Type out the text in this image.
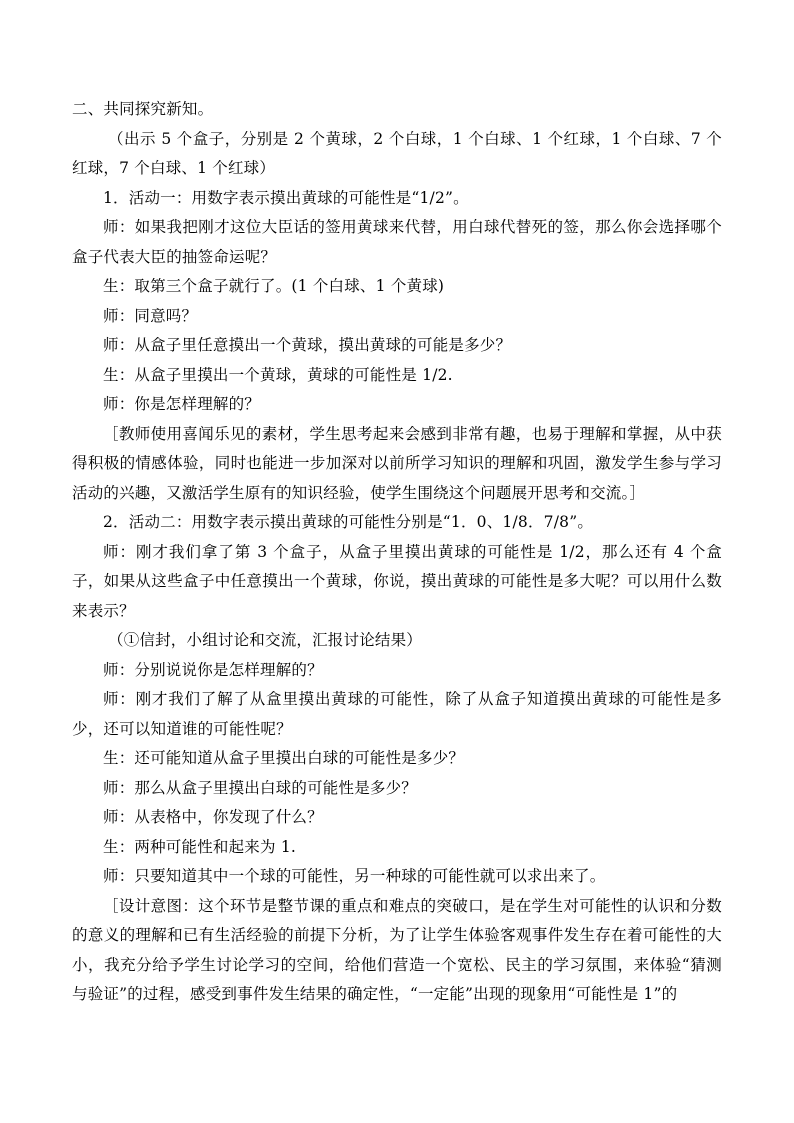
二、共同探究新知。

（出示 5 个盒子，分别是 2 个黄球，2 个白球，1 个白球、1 个红球，1 个白球、7 个红球，7 个白球、1 个红球）

1．活动一：用数字表示摸出黄球的可能性是“1/2”。

师：如果我把刚才这位大臣话的签用黄球来代替，用白球代替死的签，那么你会选择哪个盒子代表大臣的抽签命运呢？

生：取第三个盒子就行了。(1 个白球、1 个黄球)

师：同意吗？

师：从盒子里任意摸出一个黄球，摸出黄球的可能是多少？

生：从盒子里摸出一个黄球，黄球的可能性是 1/2.

师：你是怎样理解的？

［教师使用喜闻乐见的素材，学生思考起来会感到非常有趣，也易于理解和掌握，从中获得积极的情感体验，同时也能进一步加深对以前所学习知识的理解和巩固，激发学生参与学习活动的兴趣，又激活学生原有的知识经验，使学生围绕这个问题展开思考和交流。］

2．活动二：用数字表示摸出黄球的可能性分别是“1．0、1/8．7/8”。

师：刚才我们拿了第 3 个盒子，从盒子里摸出黄球的可能性是 1/2，那么还有 4 个盒子，如果从这些盒子中任意摸出一个黄球，你说，摸出黄球的可能性是多大呢？可以用什么数来表示？

（①信封，小组讨论和交流，汇报讨论结果）

师：分别说说你是怎样理解的？

师：刚才我们了解了从盒里摸出黄球的可能性，除了从盒子知道摸出黄球的可能性是多少，还可以知道谁的可能性呢？

生：还可能知道从盒子里摸出白球的可能性是多少？

师：那么从盒子里摸出白球的可能性是多少？

师：从表格中，你发现了什么？

生：两种可能性和起来为 1.

师：只要知道其中一个球的可能性，另一种球的可能性就可以求出来了。

［设计意图：这个环节是整节课的重点和难点的突破口，是在学生对可能性的认识和分数的意义的理解和已有生活经验的前提下分析，为了让学生体验客观事件发生存在着可能性的大小，我充分给予学生讨论学习的空间，给他们营造一个宽松、民主的学习氛围，来体验“猜测与验证”的过程，感受到事件发生结果的确定性，“一定能”出现的现象用“可能性是 1”的
